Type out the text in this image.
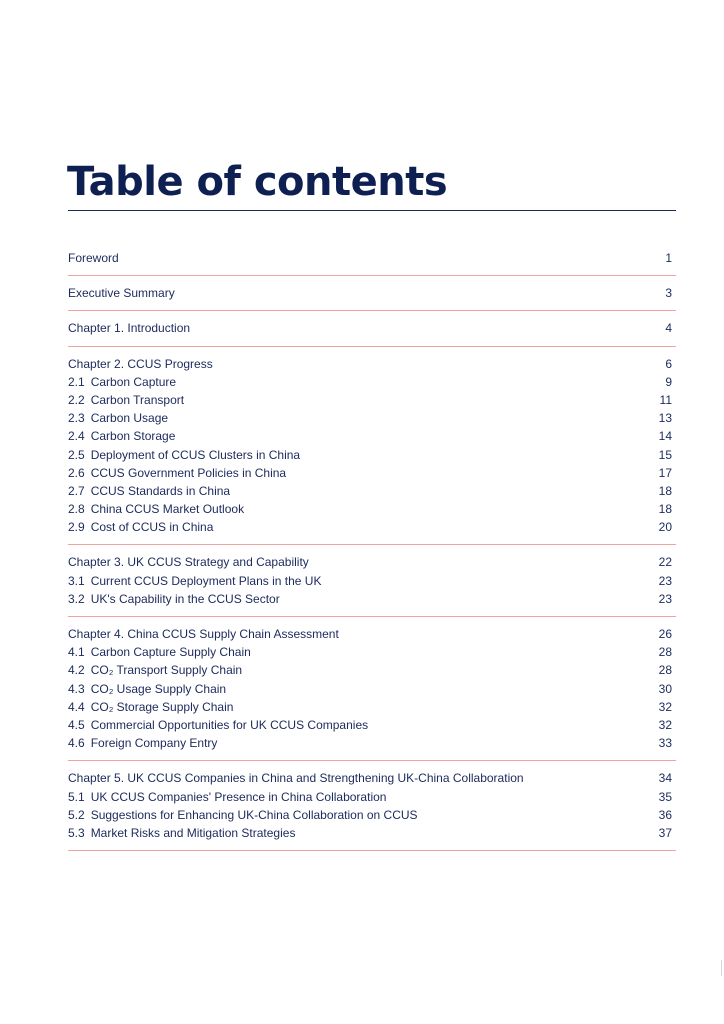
Table of contents
Foreword	1
Executive Summary	3
Chapter 1. Introduction	4
Chapter 2. CCUS Progress	6
2.1 Carbon Capture	9
2.2 Carbon Transport	11
2.3 Carbon Usage	13
2.4 Carbon Storage	14
2.5 Deployment of CCUS Clusters in China	15
2.6 CCUS Government Policies in China	17
2.7 CCUS Standards in China	18
2.8 China CCUS Market Outlook	18
2.9 Cost of CCUS in China	20
Chapter 3. UK CCUS Strategy and Capability	22
3.1 Current CCUS Deployment Plans in the UK	23
3.2 UK's Capability in the CCUS Sector	23
Chapter 4. China CCUS Supply Chain Assessment	26
4.1 Carbon Capture Supply Chain	28
4.2 CO₂ Transport Supply Chain	28
4.3 CO₂ Usage Supply Chain	30
4.4 CO₂ Storage Supply Chain	32
4.5 Commercial Opportunities for UK CCUS Companies	32
4.6 Foreign Company Entry	33
Chapter 5. UK CCUS Companies in China and Strengthening UK-China Collaboration	34
5.1 UK CCUS Companies' Presence in China Collaboration	35
5.2 Suggestions for Enhancing UK-China Collaboration on CCUS	36
5.3 Market Risks and Mitigation Strategies	37
